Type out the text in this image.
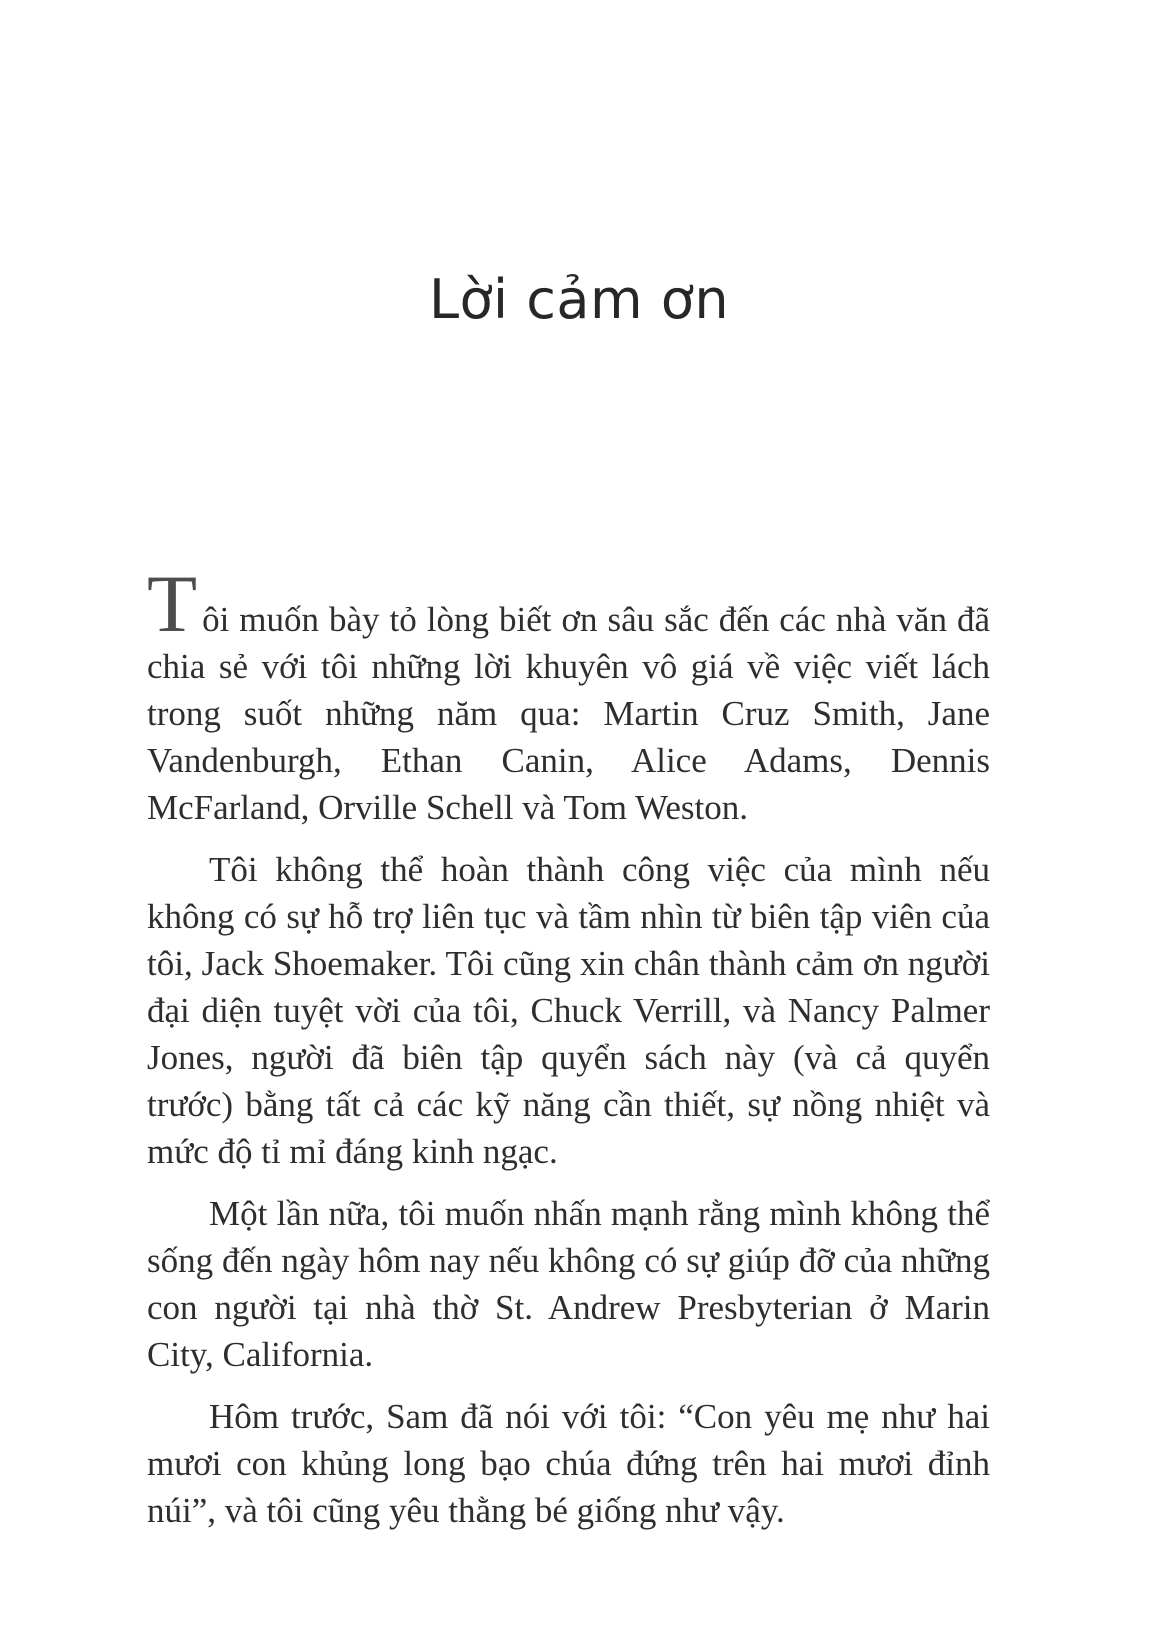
Lời cảm ơn

Tôi muốn bày tỏ lòng biết ơn sâu sắc đến các nhà văn đã chia sẻ với tôi những lời khuyên vô giá về việc viết lách trong suốt những năm qua: Martin Cruz Smith, Jane Vandenburgh, Ethan Canin, Alice Adams, Dennis McFarland, Orville Schell và Tom Weston.

Tôi không thể hoàn thành công việc của mình nếu không có sự hỗ trợ liên tục và tầm nhìn từ biên tập viên của tôi, Jack Shoemaker. Tôi cũng xin chân thành cảm ơn người đại diện tuyệt vời của tôi, Chuck Verrill, và Nancy Palmer Jones, người đã biên tập quyển sách này (và cả quyển trước) bằng tất cả các kỹ năng cần thiết, sự nồng nhiệt và mức độ tỉ mỉ đáng kinh ngạc.

Một lần nữa, tôi muốn nhấn mạnh rằng mình không thể sống đến ngày hôm nay nếu không có sự giúp đỡ của những con người tại nhà thờ St. Andrew Presbyterian ở Marin City, California.

Hôm trước, Sam đã nói với tôi: “Con yêu mẹ như hai mươi con khủng long bạo chúa đứng trên hai mươi đỉnh núi”, và tôi cũng yêu thằng bé giống như vậy.
